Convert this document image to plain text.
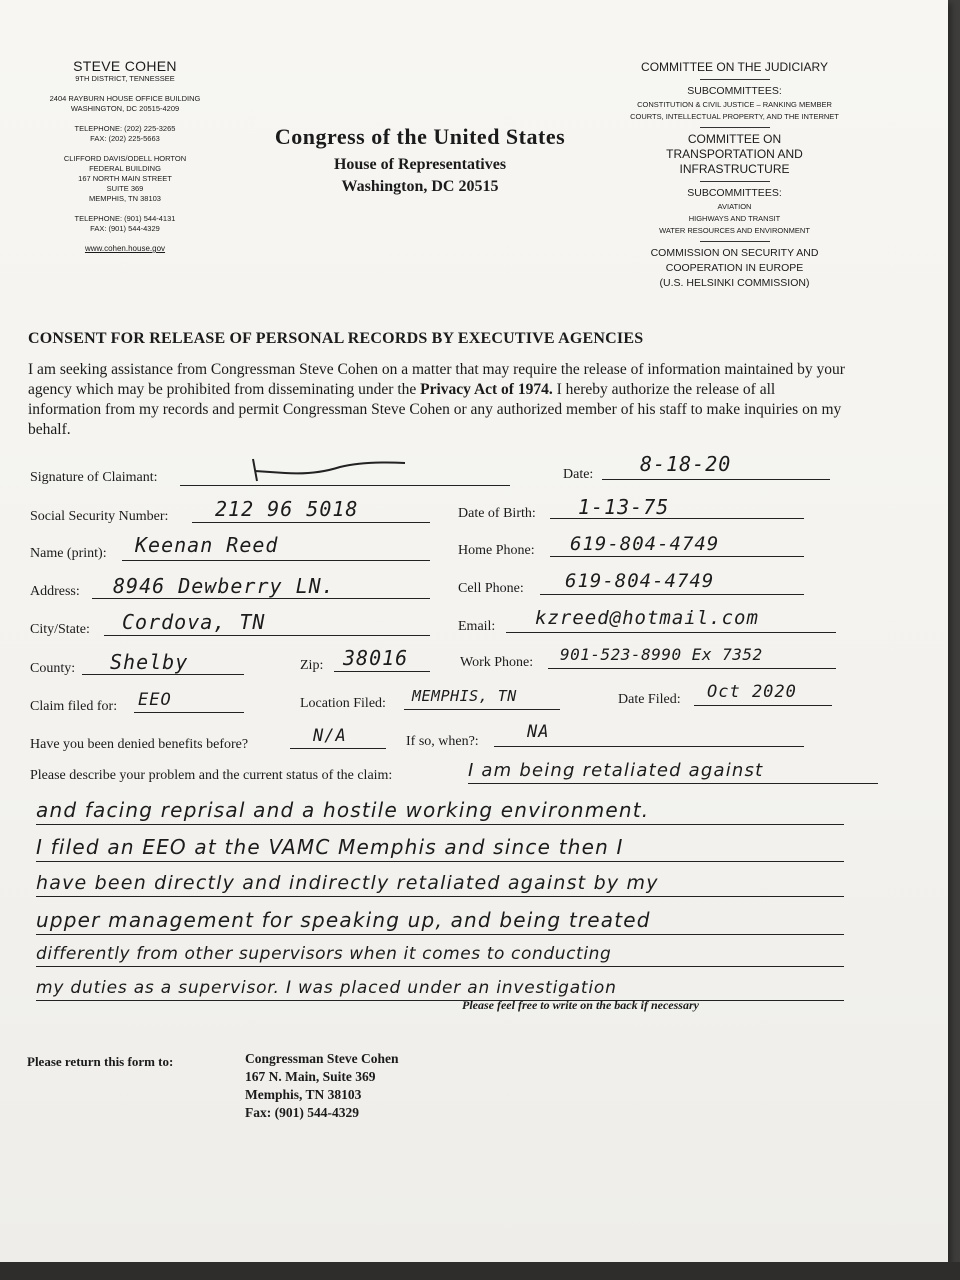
STEVE COHEN
9TH DISTRICT, TENNESSEE
2404 RAYBURN HOUSE OFFICE BUILDING
WASHINGTON, DC 20515-4209
TELEPHONE: (202) 225-3265
FAX: (202) 225-5663
CLIFFORD DAVIS/ODELL HORTON
FEDERAL BUILDING
167 NORTH MAIN STREET
SUITE 369
MEMPHIS, TN 38103
TELEPHONE: (901) 544-4131
FAX: (901) 544-4329
www.cohen.house.gov
Congress of the United States
House of Representatives
Washington, DC 20515
COMMITTEE ON THE JUDICIARY
SUBCOMMITTEES:
CONSTITUTION & CIVIL JUSTICE – RANKING MEMBER
COURTS, INTELLECTUAL PROPERTY, AND THE INTERNET
COMMITTEE ON
TRANSPORTATION AND
INFRASTRUCTURE
SUBCOMMITTEES:
AVIATION
HIGHWAYS AND TRANSIT
WATER RESOURCES AND ENVIRONMENT
COMMISSION ON SECURITY AND
COOPERATION IN EUROPE
(U.S. HELSINKI COMMISSION)
CONSENT FOR RELEASE OF PERSONAL RECORDS BY EXECUTIVE AGENCIES
I am seeking assistance from Congressman Steve Cohen on a matter that may require the release of information maintained by your agency which may be prohibited from disseminating under the Privacy Act of 1974. I hereby authorize the release of all information from my records and permit Congressman Steve Cohen or any authorized member of his staff to make inquiries on my behalf.
Signature of Claimant:	Date: 8-18-20
Social Security Number: 212 96 5018	Date of Birth: 1-13-75
Name (print): Keenan Reed	Home Phone: 619-804-4749
Address: 8946 Dewberry LN.	Cell Phone: 619-804-4749
City/State: Cordova, TN	Email: kzreed@hotmail.com
County: Shelby	Zip: 38016	Work Phone: 901-523-8990 Ex 7352
Claim filed for: EEO	Location Filed: MEMPHIS, TN	Date Filed: Oct 2020
Have you been denied benefits before?	N/A	If so, when?:	NA
Please describe your problem and the current status of the claim:	I am being retaliated against
and facing reprisal and a hostile working environment.
I filed an EEO at the VAMC Memphis and since then I
have been directly and indirectly retaliated against by my
upper management for speaking up, and being treated
differently from other supervisors when it comes to conducting
my duties as a supervisor. I was placed under an investigation
Please feel free to write on the back if necessary
Please return this form to:	Congressman Steve Cohen
167 N. Main, Suite 369
Memphis, TN 38103
Fax: (901) 544-4329
